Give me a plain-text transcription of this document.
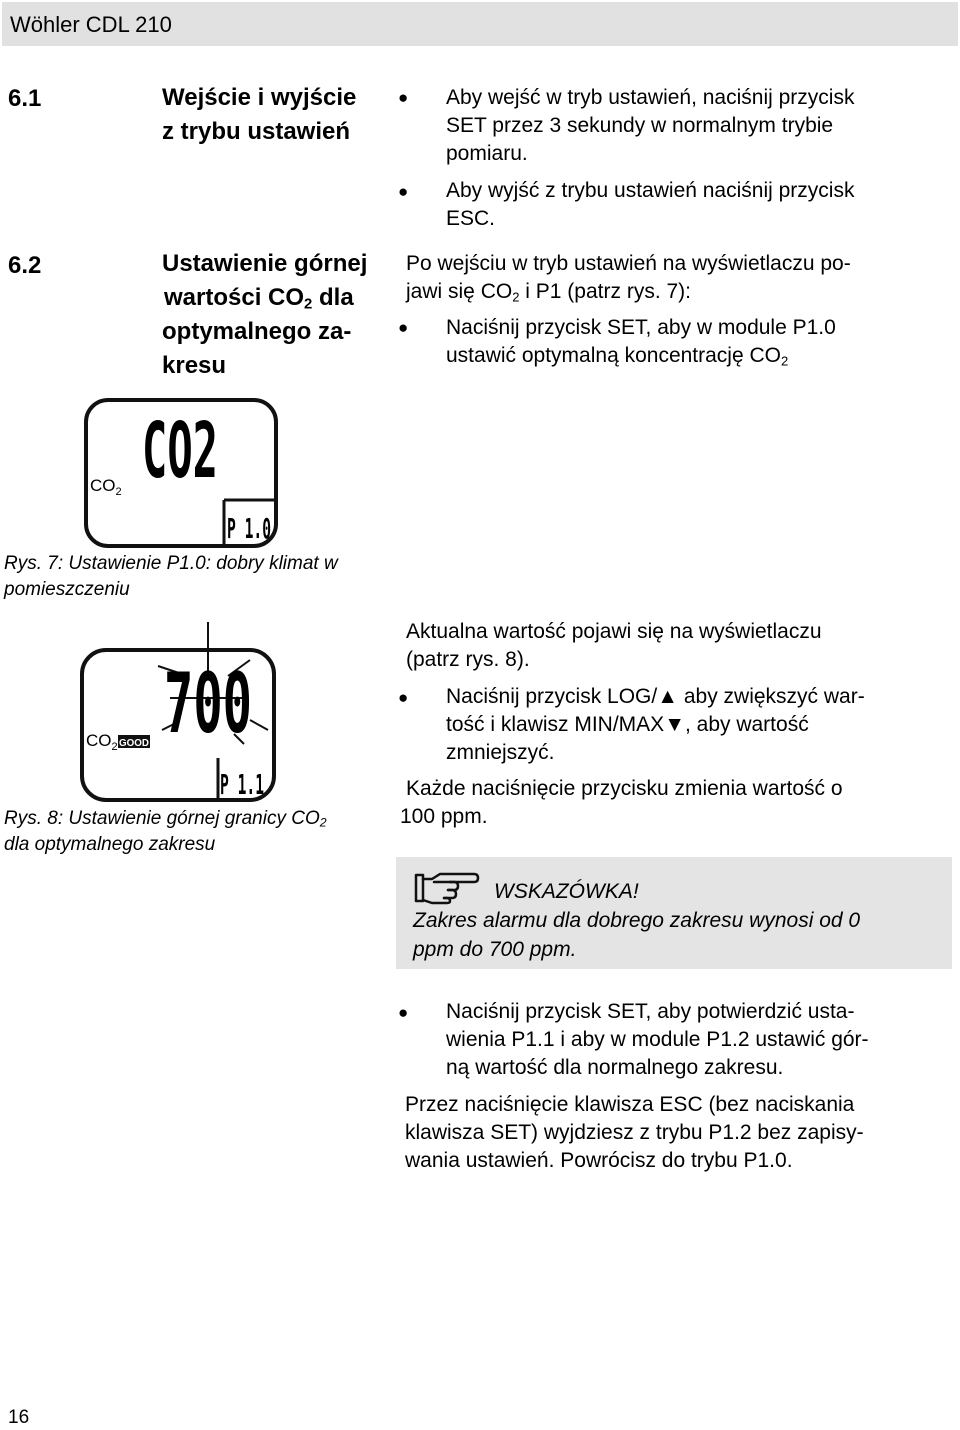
Wöhler CDL 210
6.1	Wejście i wyjście
z trybu ustawień
● Aby wejść w tryb ustawień, naciśnij przycisk
SET przez 3 sekundy w normalnym trybie
pomiaru.
● Aby wyjść z trybu ustawień naciśnij przycisk
ESC.
6.2	Ustawienie górnej
wartości $CO_2$ dla
optymalnego za-
kresu
Po wejściu w tryb ustawień na wyświetlaczu po-
jawi się $CO_2$ i P1 (patrz rys. 7):
● Naciśnij przycisk SET, aby w module P1.0
ustawić optymalną koncentrację $CO_2$
CO2
$CO_2$
P 1.0
Rys. 7: Ustawienie P1.0: dobry klimat w
pomieszczeniu
700
$CO_2$ GOOD
P 1.1
Rys. 8: Ustawienie górnej granicy $CO_2$
dla optymalnego zakresu
Aktualna wartość pojawi się na wyświetlaczu
(patrz rys. 8).
● Naciśnij przycisk LOG/▲ aby zwiększyć war-
tość i klawisz MIN/MAX▼, aby wartość
zmniejszyć.
Każde naciśnięcie przycisku zmienia wartość o
100 ppm.
WSKAZÓWKA!
Zakres alarmu dla dobrego zakresu wynosi od 0
ppm do 700 ppm.
● Naciśnij przycisk SET, aby potwierdzić usta-
wienia P1.1 i aby w module P1.2 ustawić gór-
ną wartość dla normalnego zakresu.
Przez naciśnięcie klawisza ESC (bez naciskania
klawisza SET) wyjdziesz z trybu P1.2 bez zapisy-
wania ustawień. Powrócisz do trybu P1.0.
16
